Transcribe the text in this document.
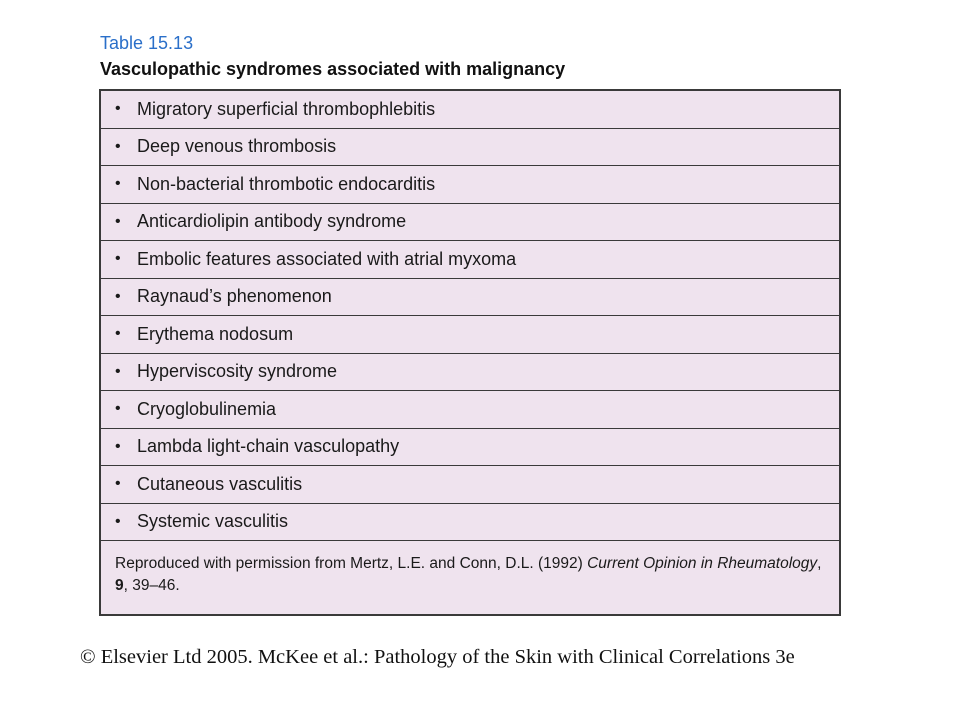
Table 15.13
Vasculopathic syndromes associated with malignancy
• Migratory superficial thrombophlebitis
• Deep venous thrombosis
• Non-bacterial thrombotic endocarditis
• Anticardiolipin antibody syndrome
• Embolic features associated with atrial myxoma
• Raynaud’s phenomenon
• Erythema nodosum
• Hyperviscosity syndrome
• Cryoglobulinemia
• Lambda light-chain vasculopathy
• Cutaneous vasculitis
• Systemic vasculitis
Reproduced with permission from Mertz, L.E. and Conn, D.L. (1992) Current Opinion in Rheumatology, 9, 39–46.
© Elsevier Ltd 2005. McKee et al.: Pathology of the Skin with Clinical Correlations 3e
